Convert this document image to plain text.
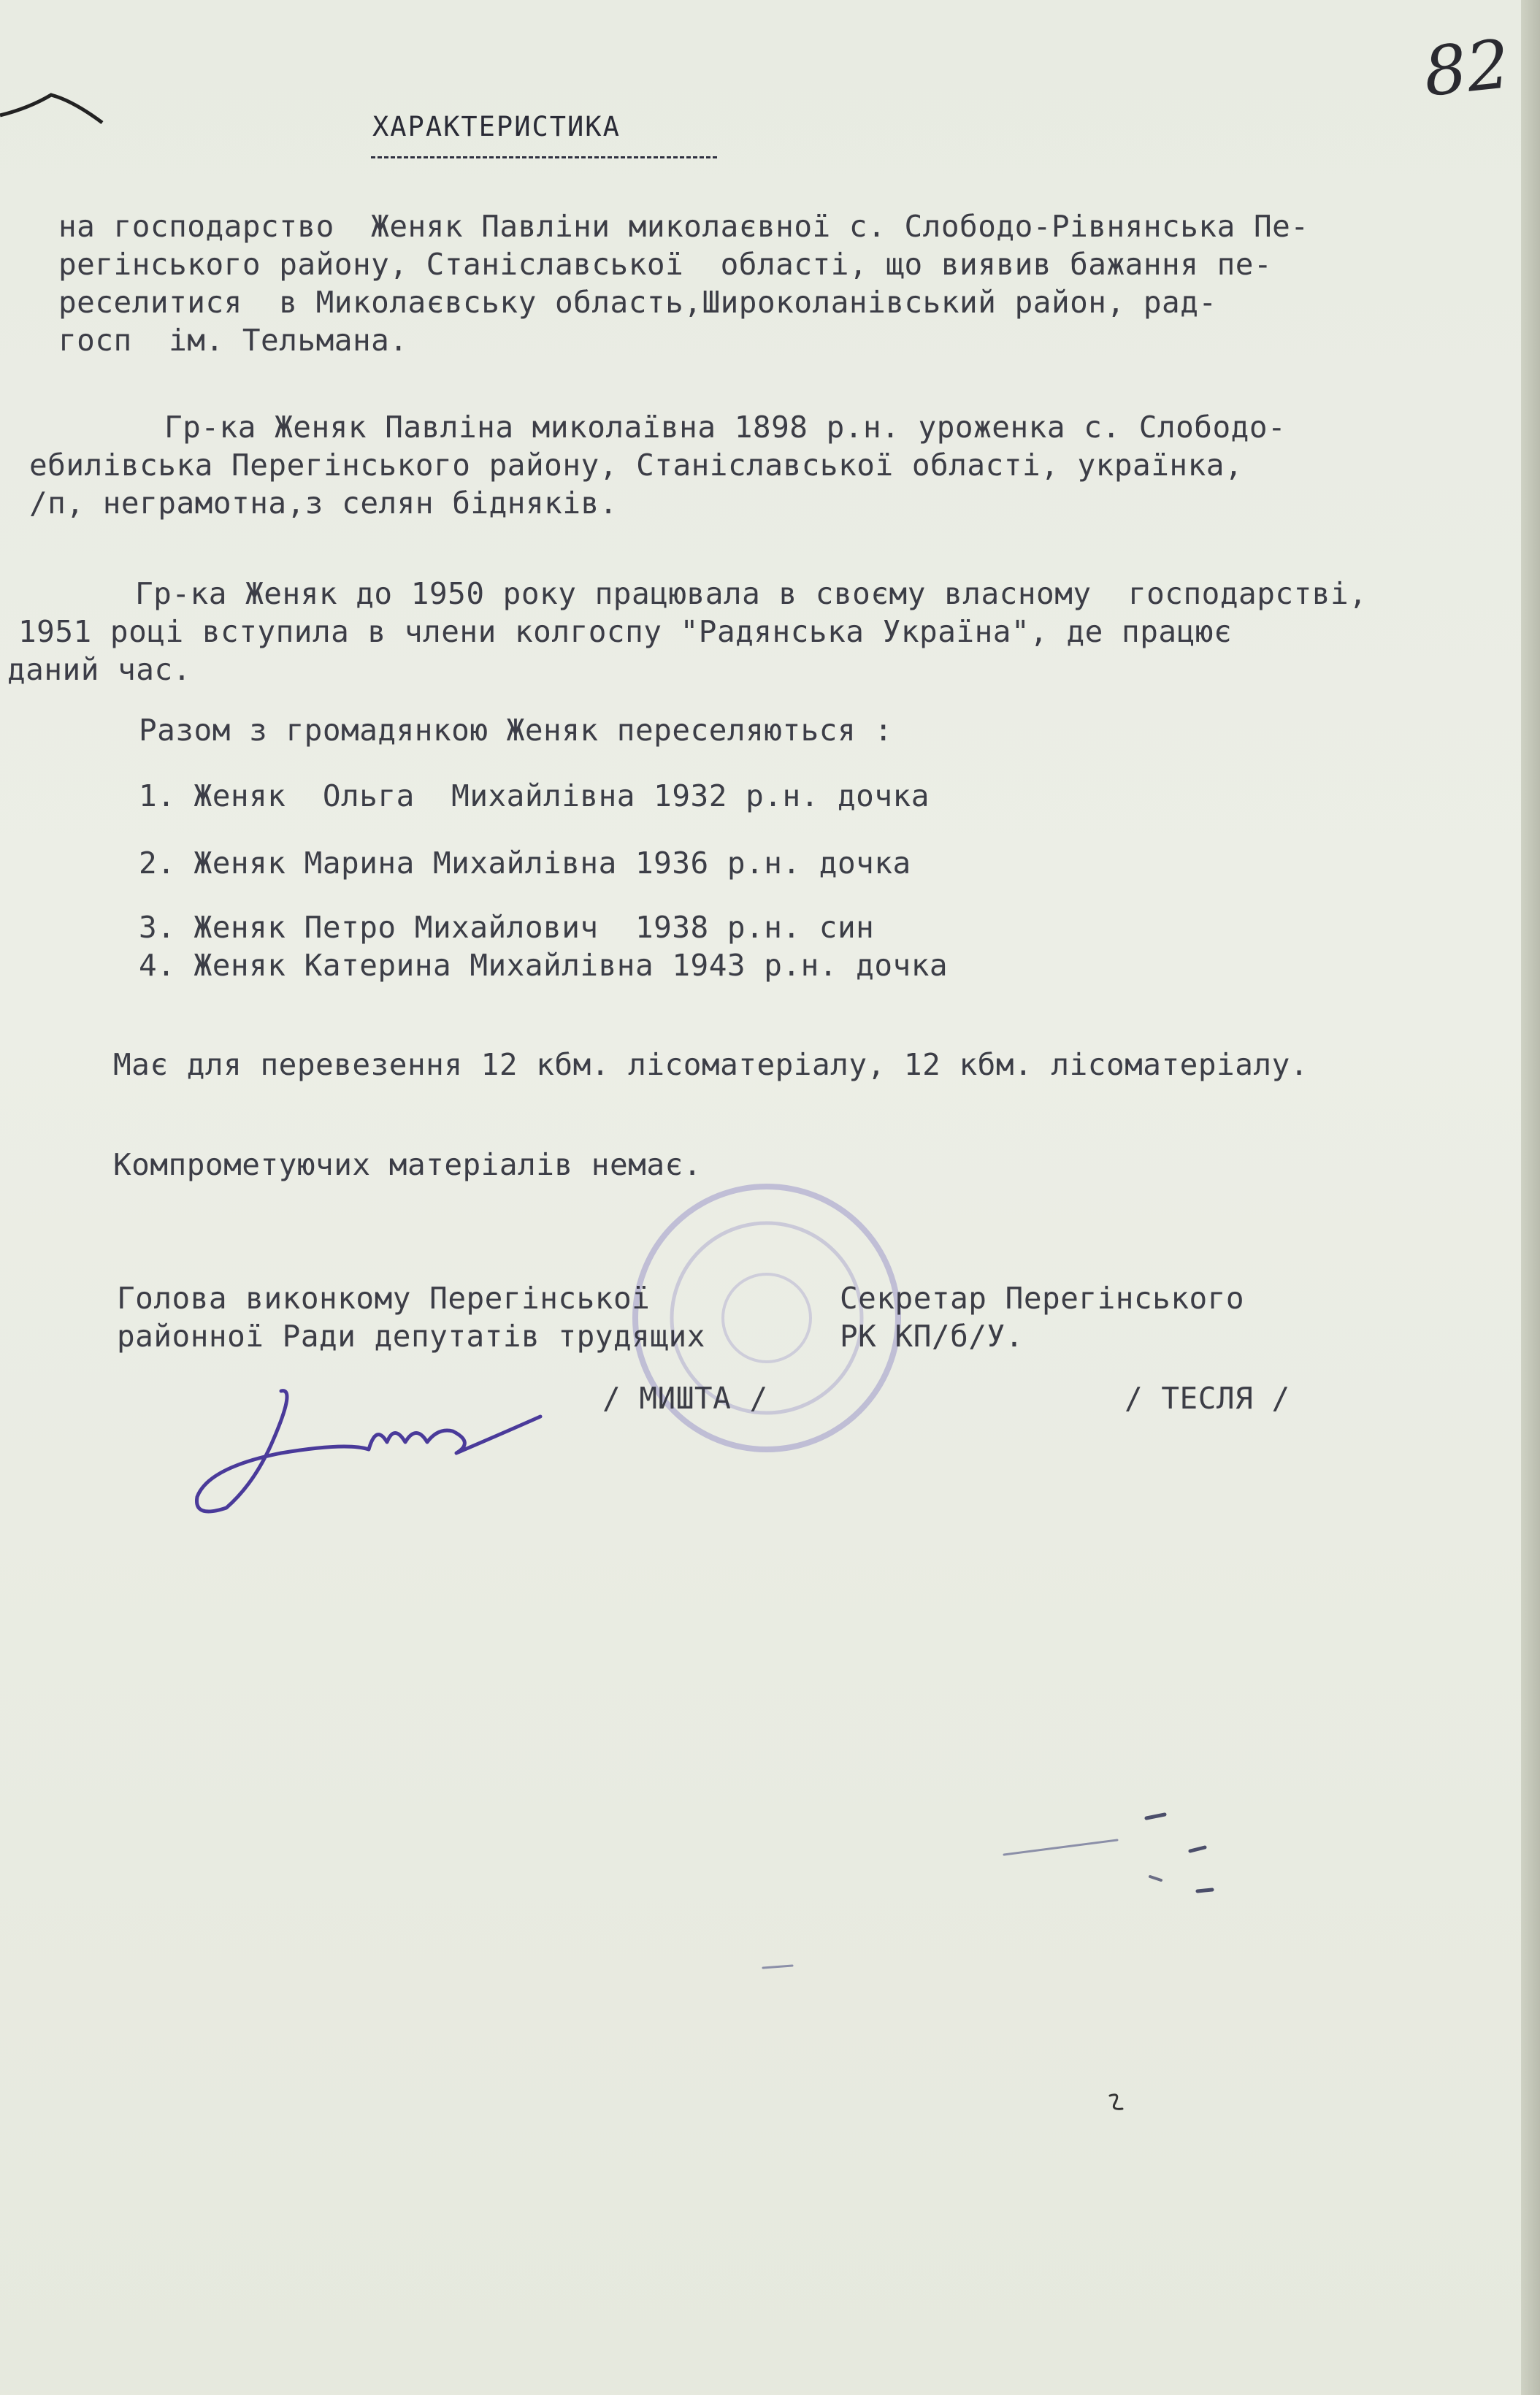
82
ХАРАКТЕРИСТИКА
на господарство  Женяк Павліни миколаєвної с. Слободо-Рівнянська Пе-
регінського району, Станіславської  області, що виявив бажання пе-
реселитися  в Миколаєвську область,Широколанівський район, рад-
госп  ім. Тельмана.
Гр-ка Женяк Павліна миколаївна 1898 р.н. уроженка с. Слободо-
ебилівська Перегінського району, Станіславської області, українка,
/п, неграмотна,з селян бідняків.
Гр-ка Женяк до 1950 року працювала в своєму власному  господарстві,
1951 році вступила в члени колгоспу "Радянська Україна", де працює
даний час.
Разом з громадянкою Женяк переселяються :
1. Женяк  Ольга  Михайлівна 1932 р.н. дочка
2. Женяк Марина Михайлівна 1936 р.н. дочка
3. Женяк Петро Михайлович  1938 р.н. син
4. Женяк Катерина Михайлівна 1943 р.н. дочка
Має для перевезення 12 кбм. лісоматеріалу, 12 кбм. лісоматеріалу.
Компрометуючих матеріалів немає.
Голова виконкому Перегінської
районної Ради депутатів трудящих
/ МИШТА /
Секретар Перегінського
РК КП/б/У.
/ ТЕСЛЯ /
